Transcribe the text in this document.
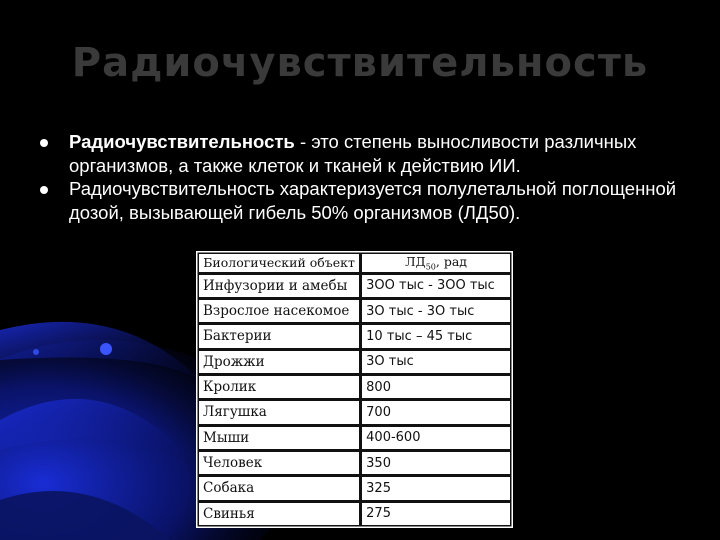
Радиочувствительность
Радиочувствительность - это степень выносливости различных организмов, а также клеток и тканей к действию ИИ.
Радиочувствительность характеризуется полулетальной поглощенной дозой, вызывающей гибель 50% организмов (ЛД50).
Биологический объект	$ЛД_{50}$, рад
Инфузории и амебы	3ОО тыс - 3ОО тыс
Взрослое насекомое	3О тыс - 3О тыс
Бактерии	10 тыс – 45 тыс
Дрожжи	3О тыс
Кролик	800
Лягушка	700
Мыши	400-600
Человек	350
Собака	325
Свинья	275
